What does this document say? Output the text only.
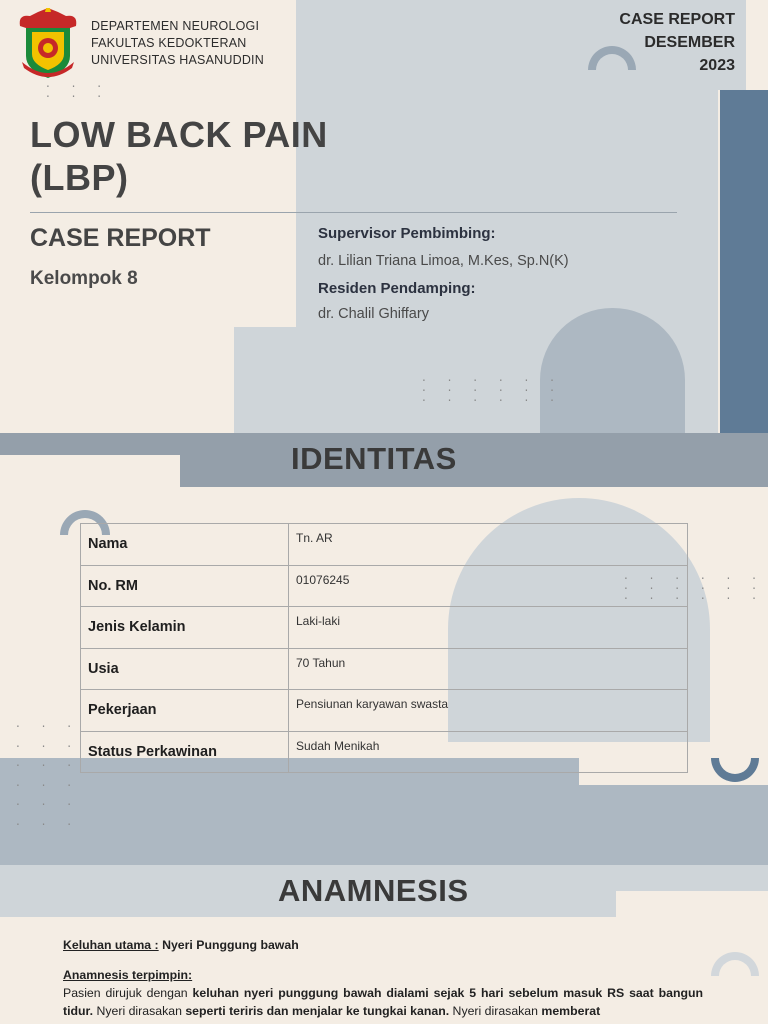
. . .
. . .
. . . . . .
. . . . . .
. . . . . .
. . . . . .
. . . . . .
. . . . . .
. . .
. . .
. . .
. . .
. . .
. . .
DEPARTEMEN NEUROLOGI
FAKULTAS KEDOKTERAN
UNIVERSITAS HASANUDDIN
CASE REPORT
DESEMBER
2023
LOW BACK PAIN
(LBP)
CASE REPORT
Kelompok 8
Supervisor Pembimbing:
dr. Lilian Triana Limoa, M.Kes, Sp.N(K)
Residen Pendamping:
dr. Chalil Ghiffary
IDENTITAS
Nama	Tn. AR
No. RM	01076245
Jenis Kelamin	Laki-laki
Usia	70 Tahun
Pekerjaan	Pensiunan karyawan swasta
Status Perkawinan	Sudah Menikah
ANAMNESIS
Keluhan utama : Nyeri Punggung bawah
Anamnesis terpimpin:

Pasien dirujuk dengan keluhan nyeri punggung bawah dialami sejak 5 hari sebelum masuk RS saat bangun tidur. Nyeri dirasakan seperti teriris dan menjalar ke tungkai kanan. Nyeri dirasakan memberat
